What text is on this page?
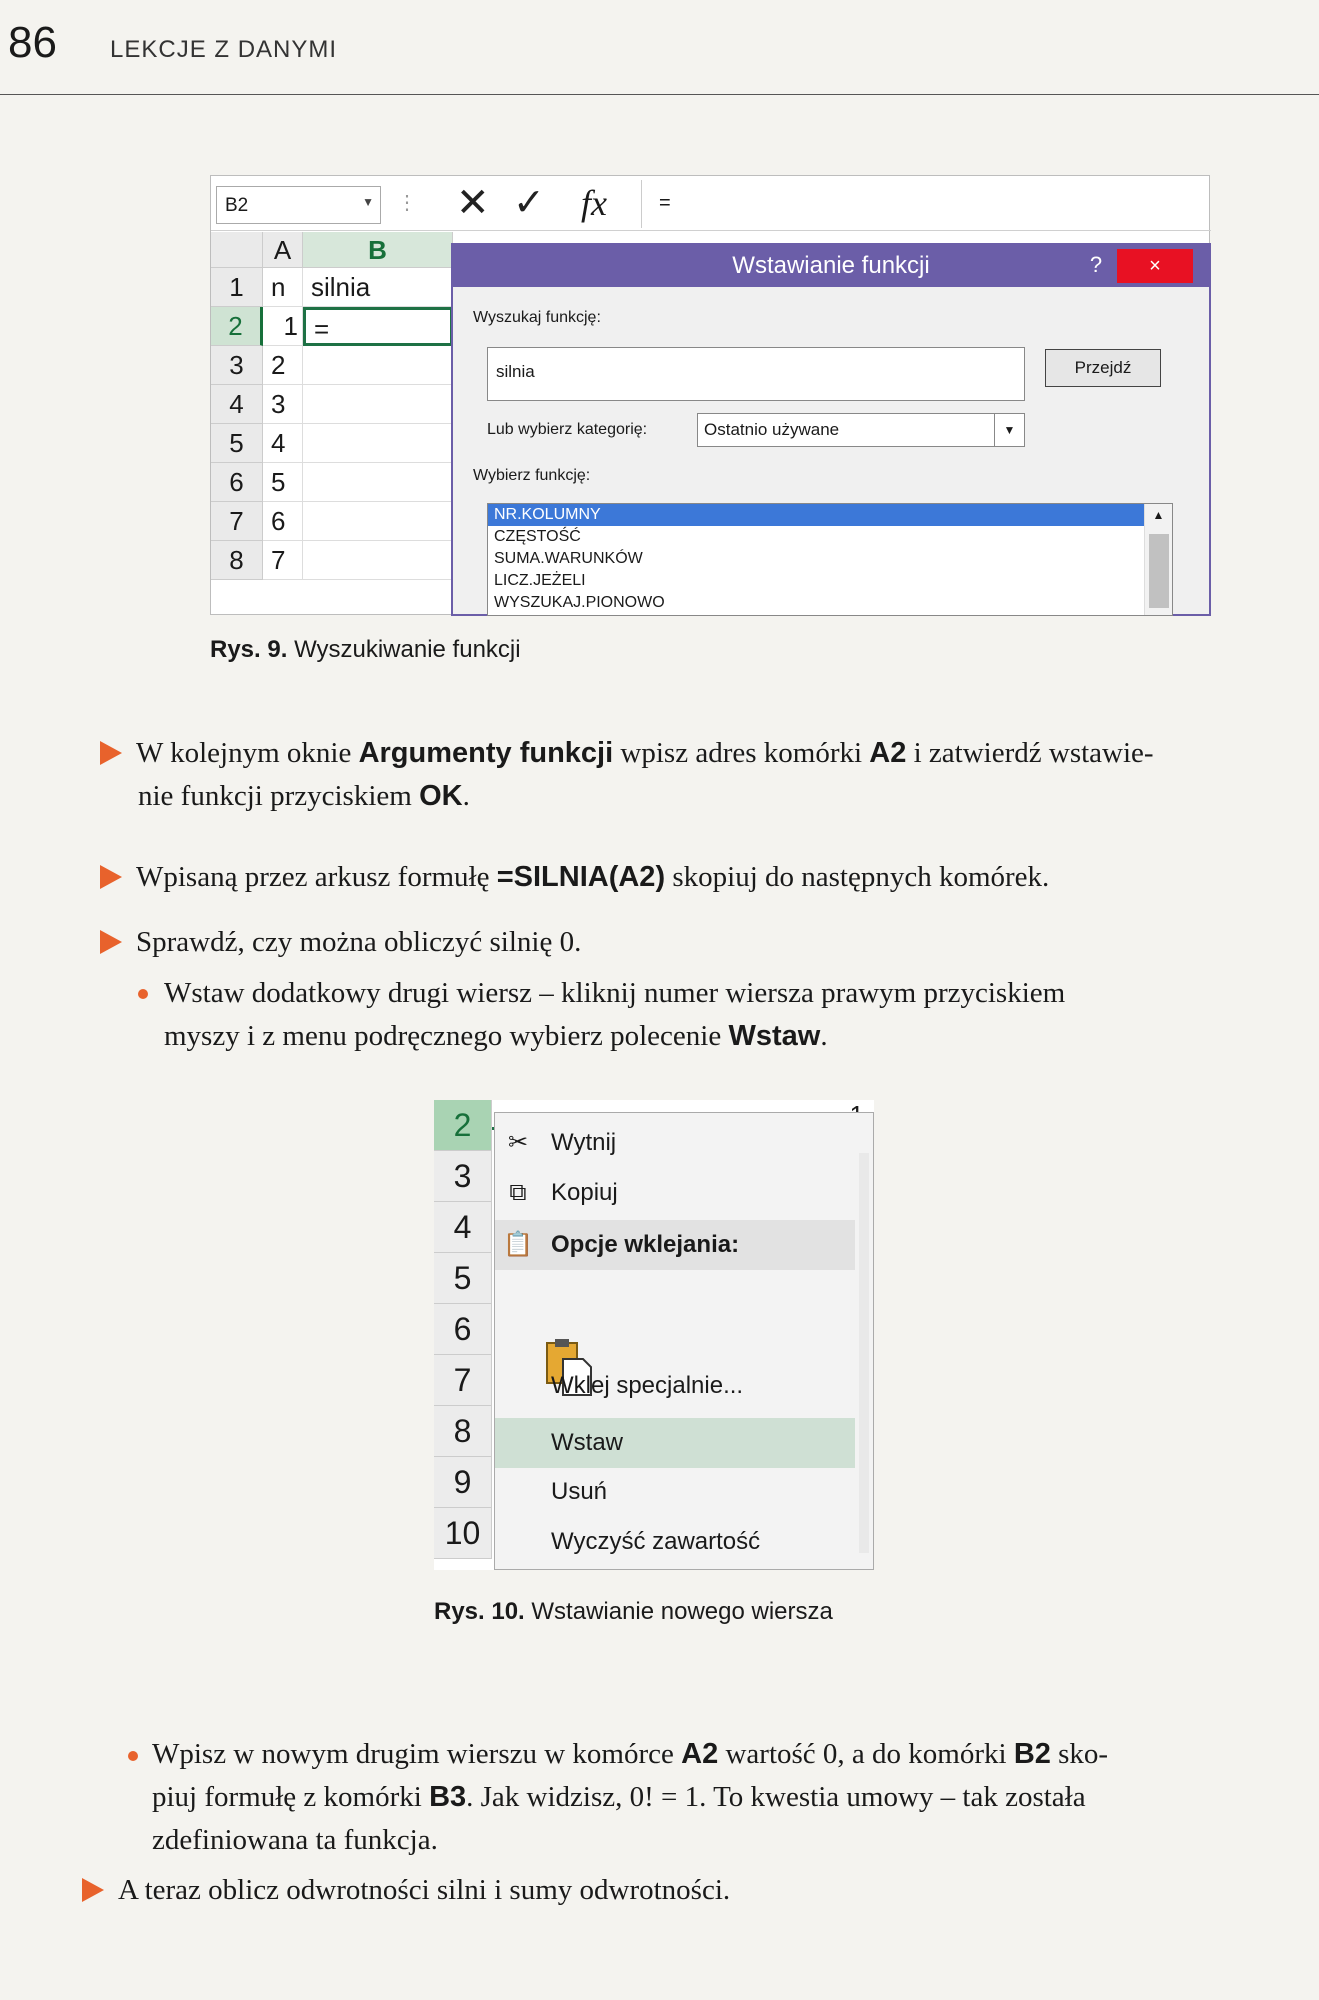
86 LEKCJE Z DANYMI
B2	▼ ⋮ ✕ ✓ fx	=
A	B
1	n silnia
2	1 =
3	2
4	3
5	4
6	5
7	6
8	7
Wstawianie funkcji	?	×
Wyszukaj funkcję:
silnia	Przejdź
Lub wybierz kategorię:	Ostatnio używane	▼
Wybierz funkcję:
NR.KOLUMNY
CZĘSTOŚĆ
SUMA.WARUNKÓW
LICZ.JEŻELI
WYSZUKAJ.PIONOWO
▲
Rys. 9. Wyszukiwanie funkcji
W kolejnym oknie Argumenty funkcji wpisz adres komórki A2 i zatwierdź wstawie-
nie funkcji przyciskiem OK.
Wpisaną przez arkusz formułę =SILNIA(A2) skopiuj do następnych komórek.
Sprawdź, czy można obliczyć silnię 0.
Wstaw dodatkowy drugi wiersz – kliknij numer wiersza prawym przyciskiem
myszy i z menu podręcznego wybierz polecenie Wstaw.
2
3
4
5
6
7
8
9
10
✂ Wytnij
⧉ Kopiuj
📋 Opcje wklejania:
Wklej specjalnie...
Wstaw
Usuń
Wyczyść zawartość
Rys. 10. Wstawianie nowego wiersza
Wpisz w nowym drugim wierszu w komórce A2 wartość 0, a do komórki B2 sko-
piuj formułę z komórki B3. Jak widzisz, 0! = 1. To kwestia umowy – tak została
zdefiniowana ta funkcja.
A teraz oblicz odwrotności silni i sumy odwrotności.
